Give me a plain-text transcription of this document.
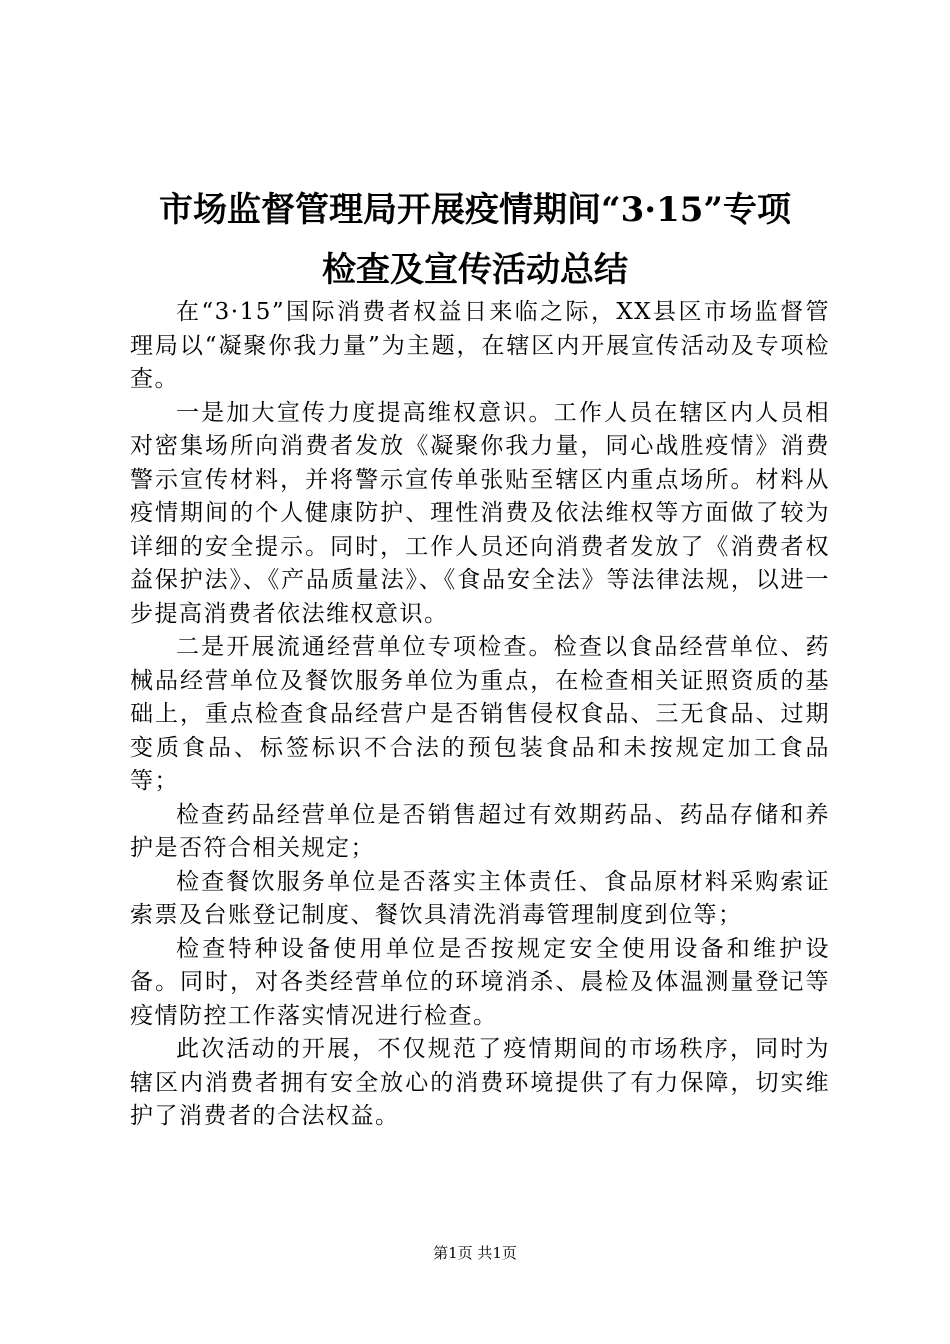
市场监督管理局开展疫情期间“3·15”专项
检查及宣传活动总结

在“3·15”国际消费者权益日来临之际，XX县区市场监督管理局以“凝聚你我力量”为主题，在辖区内开展宣传活动及专项检查。

一是加大宣传力度提高维权意识。工作人员在辖区内人员相对密集场所向消费者发放《凝聚你我力量，同心战胜疫情》消费警示宣传材料，并将警示宣传单张贴至辖区内重点场所。材料从疫情期间的个人健康防护、理性消费及依法维权等方面做了较为详细的安全提示。同时，工作人员还向消费者发放了《消费者权益保护法》、《产品质量法》、《食品安全法》等法律法规，以进一步提高消费者依法维权意识。

二是开展流通经营单位专项检查。检查以食品经营单位、药械品经营单位及餐饮服务单位为重点，在检查相关证照资质的基础上，重点检查食品经营户是否销售侵权食品、三无食品、过期变质食品、标签标识不合法的预包装食品和未按规定加工食品等；

检查药品经营单位是否销售超过有效期药品、药品存储和养护是否符合相关规定；

检查餐饮服务单位是否落实主体责任、食品原材料采购索证索票及台账登记制度、餐饮具清洗消毒管理制度到位等；

检查特种设备使用单位是否按规定安全使用设备和维护设备。同时，对各类经营单位的环境消杀、晨检及体温测量登记等疫情防控工作落实情况进行检查。

此次活动的开展，不仅规范了疫情期间的市场秩序，同时为辖区内消费者拥有安全放心的消费环境提供了有力保障，切实维护了消费者的合法权益。

第1页 共1页
